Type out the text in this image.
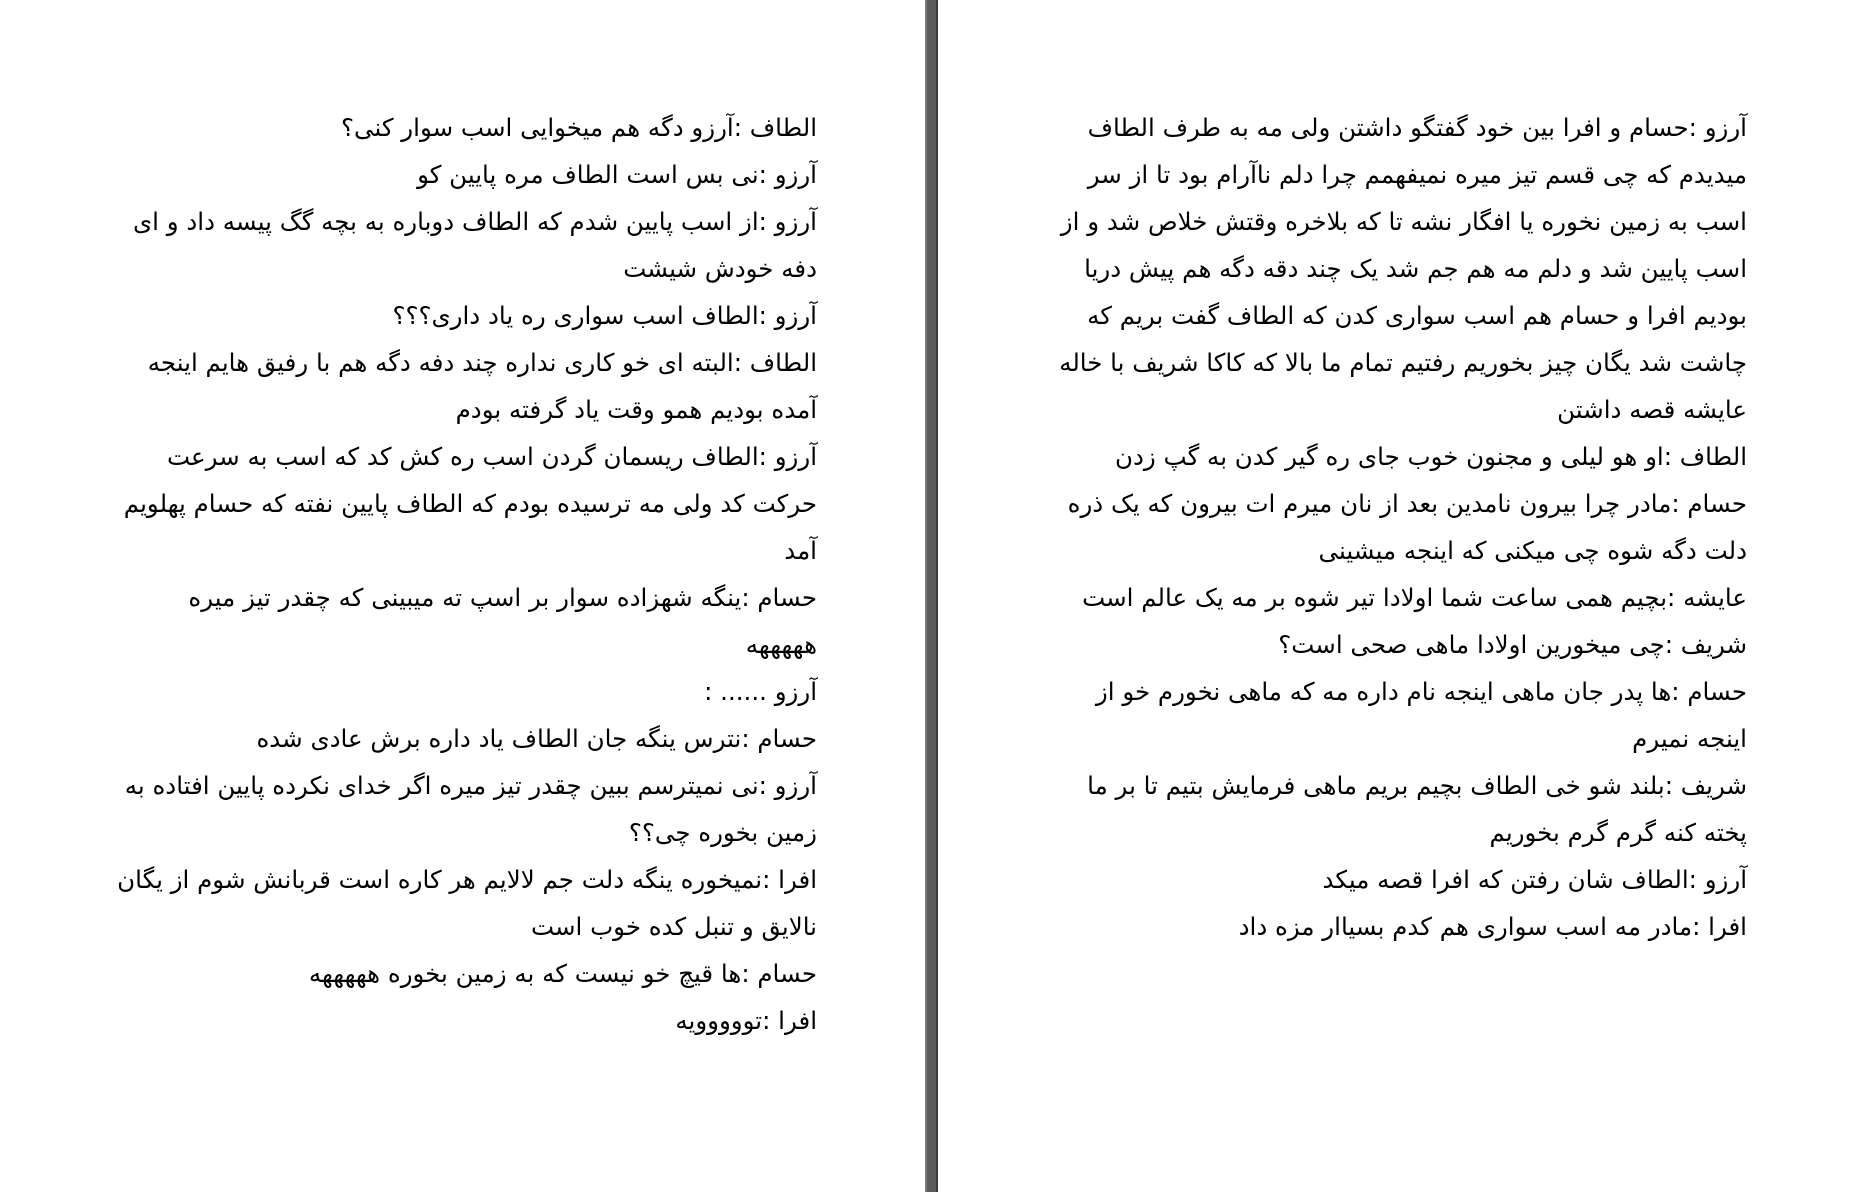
الطاف :آرزو دگه هم میخوایی اسب سوار کنی؟

آرزو :نی بس است الطاف مره پایین کو

آرزو :از اسب پایین شدم که الطاف دوباره به بچه گگ پیسه داد و ای دفه خودش شیشت

آرزو :الطاف اسب سواری ره یاد داری؟؟؟

الطاف :البته ای خو کاری نداره چند دفه دگه هم با رفیق هایم اینجه آمده بودیم همو وقت یاد گرفته بودم

آرزو :الطاف ریسمان گردن اسب ره کش کد که اسب به سرعت حرکت کد ولی مه ترسیده بودم که الطاف پایین نفته که حسام پهلویم آمد

حسام :ینگه شهزاده سوار بر اسپ ته میبینی که چقدر تیز میره هههههه

آرزو ...... :

حسام :نترس ینگه جان الطاف یاد داره برش عادی شده

آرزو :نی نمیترسم ببین چقدر تیز میره اگر خدای نکرده پایین افتاده به زمین بخوره چی؟؟

افرا :نمیخوره ینگه دلت جم لالایم هر کاره است قربانش شوم از یگان نالایق و تنبل کده خوب است

حسام :ها قیچ خو نیست که به زمین بخوره هههههه

افرا :تووووویه

آرزو :حسام و افرا بین خود گفتگو داشتن ولی مه به طرف الطاف میدیدم که چی قسم تیز میره نمیفهمم چرا دلم ناآرام بود تا از سر اسب به زمین نخوره یا افگار نشه تا که بلاخره وقتش خلاص شد و از اسب پایین شد و دلم مه هم جم شد یک چند دقه دگه هم پیش دریا بودیم افرا و حسام هم اسب سواری کدن که الطاف گفت بریم که چاشت شد یگان چیز بخوریم رفتیم تمام ما بالا که کاکا شریف با خاله عایشه قصه داشتن

الطاف :او هو لیلی و مجنون خوب جای ره گیر کدن به گپ زدن

حسام :مادر چرا بیرون نامدین بعد از نان میرم ات بیرون که یک ذره دلت دگه شوه چی میکنی که اینجه میشینی

عایشه :بچیم همی ساعت شما اولادا تیر شوه بر مه یک عالم است

شریف :چی میخورین اولادا ماهی صحی است؟

حسام :ها پدر جان ماهی اینجه نام داره مه که ماهی نخورم خو از اینجه نمیرم

شریف :بلند شو خی الطاف بچیم بریم ماهی فرمایش بتیم تا بر ما پخته کنه گرم گرم بخوریم

آرزو :الطاف شان رفتن که افرا قصه میکد

افرا :مادر مه اسب سواری هم کدم بسیاار مزه داد
